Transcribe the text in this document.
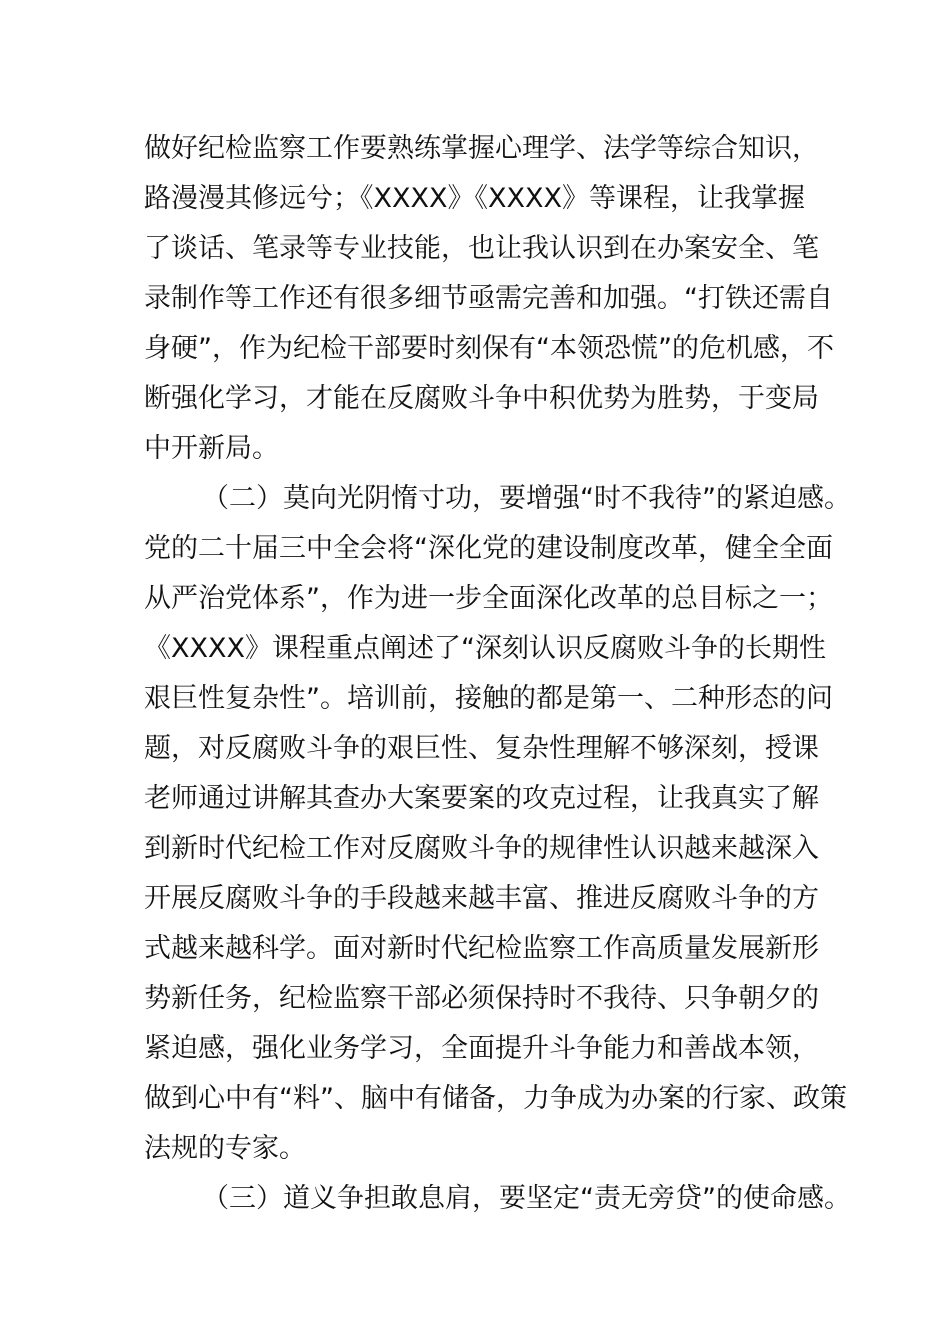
做好纪检监察工作要熟练掌握心理学、法学等综合知识，
路漫漫其修远兮；《XXXX》《XXXX》等课程，让我掌握
了谈话、笔录等专业技能，也让我认识到在办案安全、笔
录制作等工作还有很多细节亟需完善和加强。“打铁还需自
身硬”，作为纪检干部要时刻保有“本领恐慌”的危机感，不
断强化学习，才能在反腐败斗争中积优势为胜势，于变局
中开新局。
（二）莫向光阴惰寸功，要增强“时不我待”的紧迫感。
党的二十届三中全会将“深化党的建设制度改革，健全全面
从严治党体系”，作为进一步全面深化改革的总目标之一；
《XXXX》课程重点阐述了“深刻认识反腐败斗争的长期性
艰巨性复杂性”。培训前，接触的都是第一、二种形态的问
题，对反腐败斗争的艰巨性、复杂性理解不够深刻，授课
老师通过讲解其查办大案要案的攻克过程，让我真实了解
到新时代纪检工作对反腐败斗争的规律性认识越来越深入
开展反腐败斗争的手段越来越丰富、推进反腐败斗争的方
式越来越科学。面对新时代纪检监察工作高质量发展新形
势新任务，纪检监察干部必须保持时不我待、只争朝夕的
紧迫感，强化业务学习，全面提升斗争能力和善战本领，
做到心中有“料”、脑中有储备，力争成为办案的行家、政策
法规的专家。
（三）道义争担敢息肩，要坚定“责无旁贷”的使命感。
